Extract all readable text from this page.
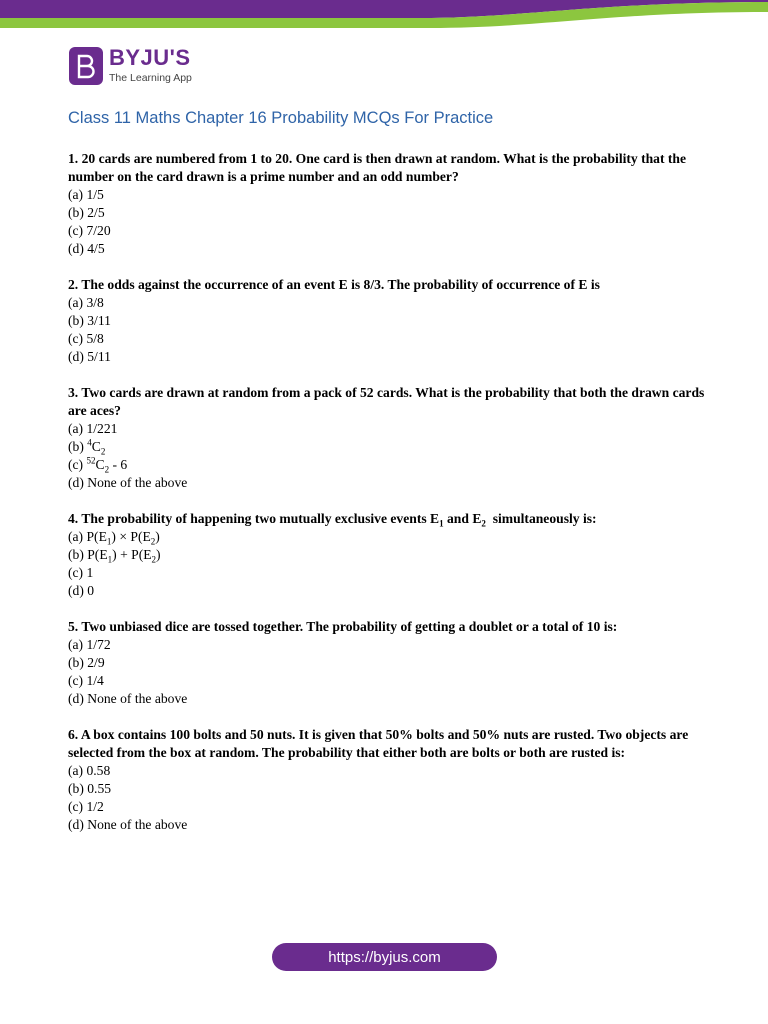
BYJU'S
The Learning App
Class 11 Maths Chapter 16 Probability MCQs For Practice
1. 20 cards are numbered from 1 to 20. One card is then drawn at random. What is the probability that the number on the card drawn is a prime number and an odd number?
(a) 1/5
(b) 2/5
(c) 7/20
(d) 4/5
2. The odds against the occurrence of an event E is 8/3. The probability of occurrence of E is
(a) 3/8
(b) 3/11
(c) 5/8
(d) 5/11
3. Two cards are drawn at random from a pack of 52 cards. What is the probability that both the drawn cards are aces?
(a) 1/221
(b) $^4C_2$
(c) $^{52}C_2 - 6$
(d) None of the above
4. The probability of happening two mutually exclusive events $E_1$ and $E_2$  simultaneously is:
(a) $P(E_1) \times P(E_2)$
(b) $P(E_1) + P(E_2)$
(c) 1
(d) 0
5. Two unbiased dice are tossed together. The probability of getting a doublet or a total of 10 is:
(a) 1/72
(b) 2/9
(c) 1/4
(d) None of the above
6. A box contains 100 bolts and 50 nuts. It is given that 50% bolts and 50% nuts are rusted. Two objects are selected from the box at random. The probability that either both are bolts or both are rusted is:
(a) 0.58
(b) 0.55
(c) 1/2
(d) None of the above
https://byjus.com
